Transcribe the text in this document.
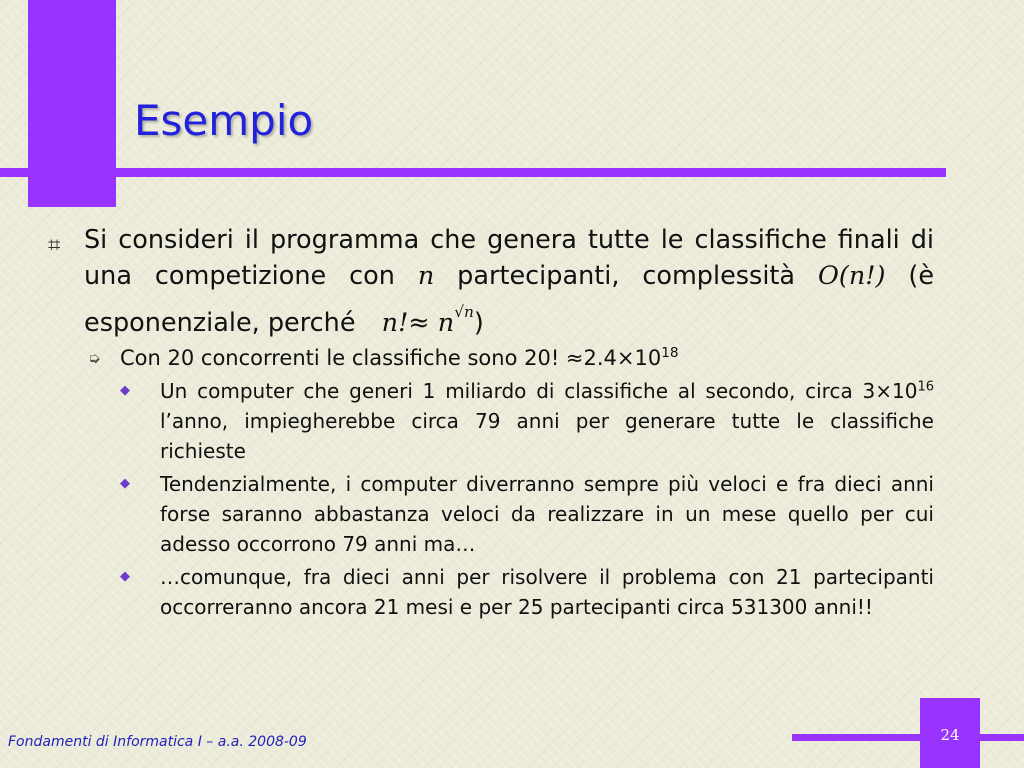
Esempio
⌗ Si consideri il programma che genera tutte le classifiche finali di una competizione con n partecipanti, complessità O(n!) (è esponenziale, perché $n!\approx n^{√n}$)
➭ Con 20 concorrenti le classifiche sono 20! $\approx 2.4\times 10^{18}$
◆ Un computer che generi 1 miliardo di classifiche al secondo, circa $3\times 10^{16}$ l’anno, impiegherebbe circa 79 anni per generare tutte le classifiche richieste
◆ Tendenzialmente, i computer diverranno sempre più veloci e fra dieci anni forse saranno abbastanza veloci da realizzare in un mese quello per cui adesso occorrono 79 anni ma…
◆ …comunque, fra dieci anni per risolvere il problema con 21 partecipanti occorreranno ancora 21 mesi e per 25 partecipanti circa 531300 anni!!

Fondamenti di Informatica I – a.a. 2008-09	24
